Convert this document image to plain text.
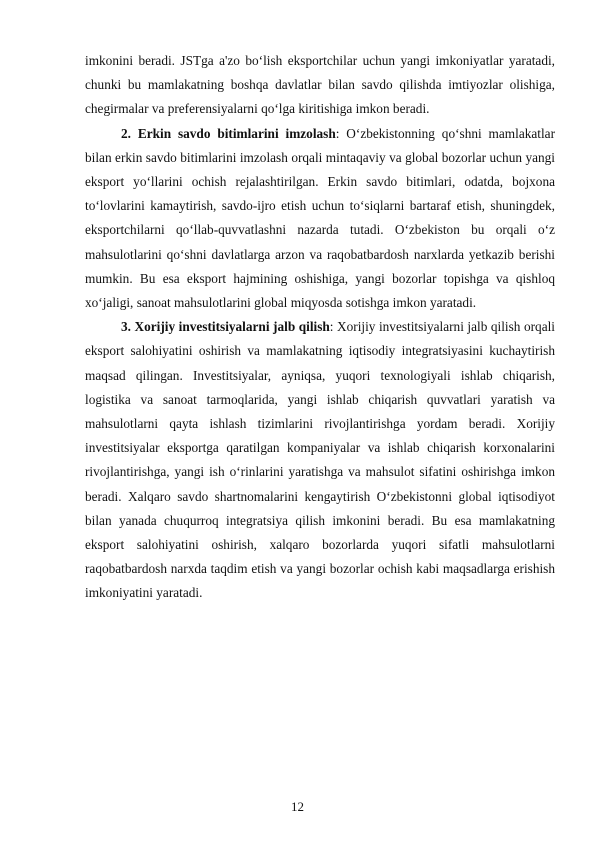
imkonini beradi. JSTga a'zo bo‘lish eksportchilar uchun yangi imkoniyatlar yaratadi, chunki bu mamlakatning boshqa davlatlar bilan savdo qilishda imtiyozlar olishiga, chegirmalar va preferensiyalarni qo‘lga kiritishiga imkon beradi.

2. Erkin savdo bitimlarini imzolash: O‘zbekistonning qo‘shni mamlakatlar bilan erkin savdo bitimlarini imzolash orqali mintaqaviy va global bozorlar uchun yangi eksport yo‘llarini ochish rejalashtirilgan. Erkin savdo bitimlari, odatda, bojxona to‘lovlarini kamaytirish, savdo-ijro etish uchun to‘siqlarni bartaraf etish, shuningdek, eksportchilarni qo‘llab-quvvatlashni nazarda tutadi. O‘zbekiston bu orqali o‘z mahsulotlarini qo‘shni davlatlarga arzon va raqobatbardosh narxlarda yetkazib berishi mumkin. Bu esa eksport hajmining oshishiga, yangi bozorlar topishga va qishloq xo‘jaligi, sanoat mahsulotlarini global miqyosda sotishga imkon yaratadi.

3. Xorijiy investitsiyalarni jalb qilish: Xorijiy investitsiyalarni jalb qilish orqali eksport salohiyatini oshirish va mamlakatning iqtisodiy integratsiyasini kuchaytirish maqsad qilingan. Investitsiyalar, ayniqsa, yuqori texnologiyali ishlab chiqarish, logistika va sanoat tarmoqlarida, yangi ishlab chiqarish quvvatlari yaratish va mahsulotlarni qayta ishlash tizimlarini rivojlantirishga yordam beradi. Xorijiy investitsiyalar eksportga qaratilgan kompaniyalar va ishlab chiqarish korxonalarini rivojlantirishga, yangi ish o‘rinlarini yaratishga va mahsulot sifatini oshirishga imkon beradi. Xalqaro savdo shartnomalarini kengaytirish O‘zbekistonni global iqtisodiyot bilan yanada chuqurroq integratsiya qilish imkonini beradi. Bu esa mamlakatning eksport salohiyatini oshirish, xalqaro bozorlarda yuqori sifatli mahsulotlarni raqobatbardosh narxda taqdim etish va yangi bozorlar ochish kabi maqsadlarga erishish imkoniyatini yaratadi.

12
